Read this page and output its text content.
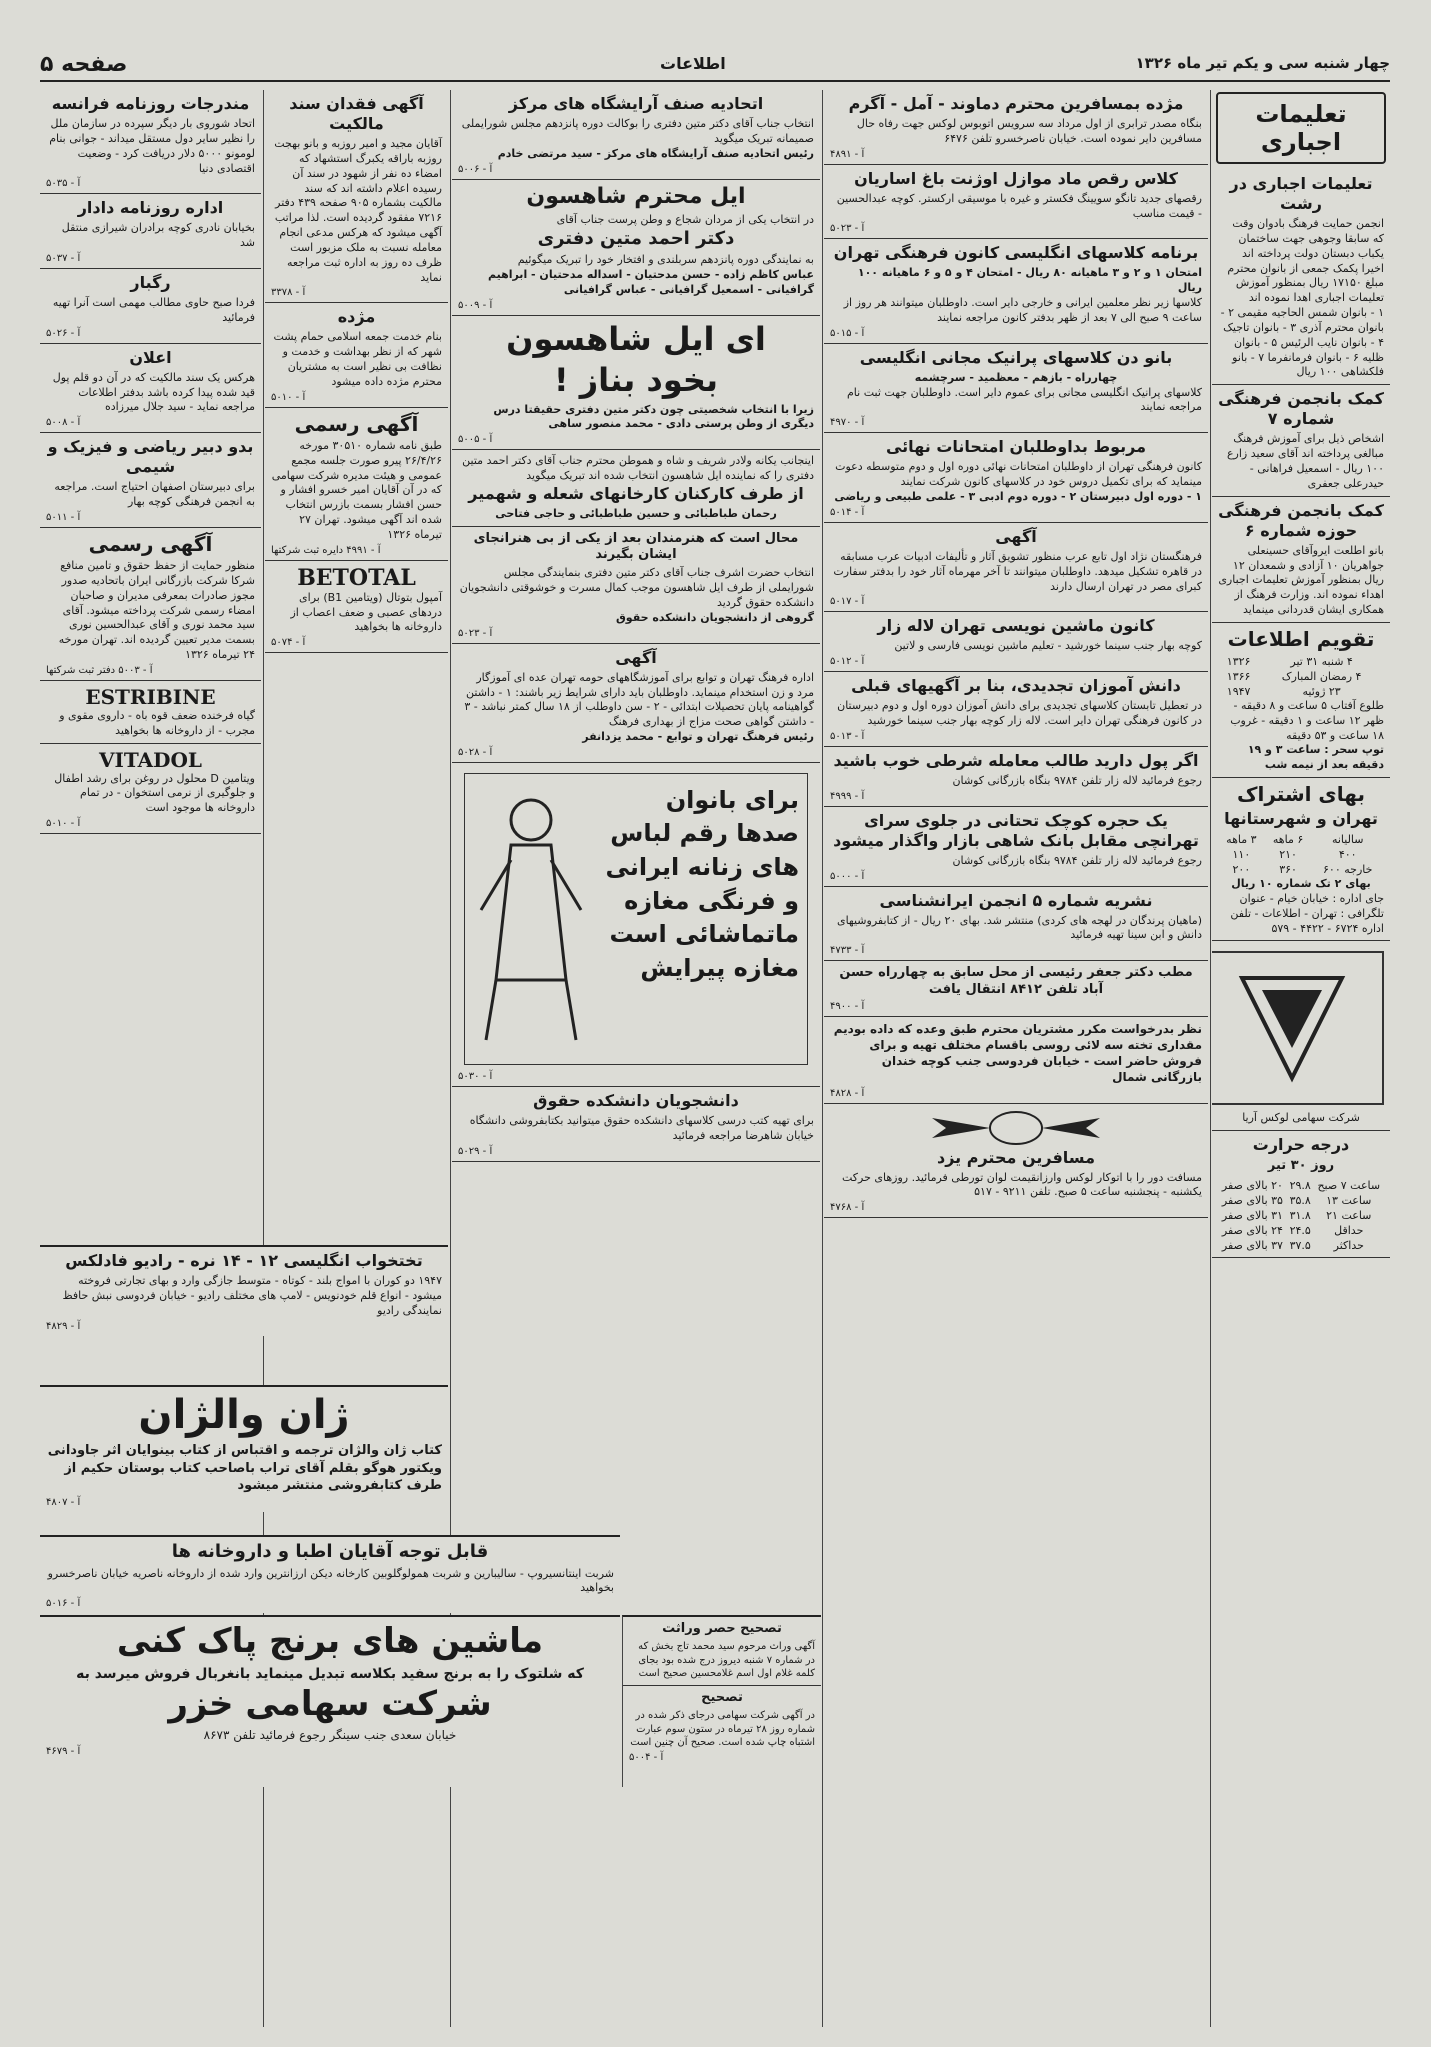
صفحه ۵	اطلاعات	چهار شنبه سی و یکم تیر ماه ۱۳۲۶
تعلیمات اجباری
تعلیمات اجباری در رشت

انجمن حمایت فرهنگ بادوان وقت که سابقا وجوهی جهت ساختمان یکباب دبستان دولت پرداخته اند اخیرا پکمک جمعی از بانوان محترم مبلغ ۱۷۱۵۰ ریال بمنظور آموزش تعلیمات اجباری اهدا نموده اند

۱ - بانوان شمس الحاجیه مقیمی ۲ - بانوان محترم آذری ۳ - بانوان تاجیک ۴ - بانوان نایب الرئیس ۵ - بانوان ظلیه ۶ - بانوان فرمانفرما ۷ - بانو فلکشاهی ۱۰۰ ریال

کمک بانجمن فرهنگی شماره ۷

اشخاص ذیل برای آموزش فرهنگ مبالغی پرداخته اند آقای سعید زارع ۱۰۰ ریال - اسمعیل فراهانی - حیدرعلی جعفری

کمک بانجمن فرهنگی حوزه شماره ۶

بانو اطلعت ایروآقای حسینعلی جواهریان ۱۰ آزادی و شمعدان ۱۲ ریال بمنظور آموزش تعلیمات اجباری اهداء نموده اند. وزارت فرهنگ از همکاری ایشان قدردانی مینماید

تقویم اطلاعات
۴ شنبه ۳۱ تیر	۱۳۲۶
۴ رمضان المبارک	۱۳۶۶
۲۳ ژوئیه	۱۹۴۷

طلوع آفتاب ۵ ساعت و ۸ دقیقه - ظهر ۱۲ ساعت و ۱ دقیقه - غروب ۱۸ ساعت و ۵۳ دقیقه

توپ سحر : ساعت ۳ و ۱۹ دقیقه بعد از نیمه شب

بهای اشتراک
تهران و شهرستانها
سالیانه	۶ ماهه	۳ ماهه
۴۰۰	۲۱۰	۱۱۰
خارجه ۶۰۰	۳۶۰	۲۰۰

بهای ۲ تک شماره ۱۰ ریال

جای اداره : خیابان خیام - عنوان تلگرافی : تهران - اطلاعات - تلفن اداره ۶۷۲۴ - ۴۴۲۲ - ۵۷۹

شرکت سهامی لوکس آریا

درجه حرارت
روز ۳۰ تیر
ساعت ۷ صبح	۲۹.۸	۲۰ بالای صفر
ساعت ۱۳	۳۵.۸	۳۵ بالای صفر
ساعت ۲۱	۳۱.۸	۳۱ بالای صفر
حداقل	۲۴.۵	۲۴ بالای صفر
حداکثر	۳۷.۵	۳۷ بالای صفر
مژده بمسافرین محترم دماوند - آمل - آگرم

بنگاه مصدر ترابری از اول مرداد سه سرویس اتوبوس لوکس جهت رفاه حال مسافرین دایر نموده است. خیابان ناصرخسرو تلفن ۶۴۷۶

آ - ۴۸۹۱
کلاس رقص ماد موازل اوژنت باغ اساریان

رقصهای جدید تانگو سویینگ فکستر و غیره با موسیقی ارکستر. کوچه عبدالحسین - قیمت مناسب

آ - ۵۰۲۳
برنامه کلاسهای انگلیسی کانون فرهنگی تهران

امتحان ۱ و ۲ و ۳ ماهیانه ۸۰ ریال - امتحان ۴ و ۵ و ۶ ماهیانه ۱۰۰ ریال

کلاسها زیر نظر معلمین ایرانی و خارجی دایر است. داوطلبان میتوانند هر روز از ساعت ۹ صبح الی ۷ بعد از ظهر بدفتر کانون مراجعه نمایند

آ - ۵۰۱۵
بانو دن کلاسهای پرانیک مجانی انگلیسی

چهارراه - بازهم - معظمید - سرچشمه

کلاسهای پرانیک انگلیسی مجانی برای عموم دایر است. داوطلبان جهت ثبت نام مراجعه نمایند

آ - ۴۹۷۰
مربوط بداوطلبان امتحانات نهائی

کانون فرهنگی تهران از داوطلبان امتحانات نهائی دوره اول و دوم متوسطه دعوت مینماید که برای تکمیل دروس خود در کلاسهای کانون شرکت نمایند

۱ - دوره اول دبیرستان ۲ - دوره دوم ادبی ۳ - علمی طبیعی و ریاضی

آ - ۵۰۱۴
آگهی

فرهنگستان نژاد اول تابع عرب منظور تشویق آثار و تألیفات ادبیات عرب مسابقه در قاهره تشکیل میدهد. داوطلبان میتوانند تا آخر مهرماه آثار خود را بدفتر سفارت کبرای مصر در تهران ارسال دارند

آ - ۵۰۱۷
کانون ماشین نویسی تهران لاله زار

کوچه بهار جنب سینما خورشید - تعلیم ماشین نویسی فارسی و لاتین

آ - ۵۰۱۲
دانش آموزان تجدیدی، بنا بر آگهیهای قبلی

در تعطیل تابستان کلاسهای تجدیدی برای دانش آموزان دوره اول و دوم دبیرستان در کانون فرهنگی تهران دایر است. لاله زار کوچه بهار جنب سینما خورشید

آ - ۵۰۱۳
اگر پول دارید طالب معامله شرطی خوب باشید

رجوع فرمائید لاله زار تلفن ۹۷۸۴ بنگاه بازرگانی کوشان

آ - ۴۹۹۹
یک حجره کوچک تحتانی در جلوی سرای تهرانچی مقابل بانک شاهی بازار واگذار میشود

رجوع فرمائید لاله زار تلفن ۹۷۸۴ بنگاه بازرگانی کوشان

آ - ۵۰۰۰
نشریه شماره ۵ انجمن ایرانشناسی

(ماهیان پرندگان در لهجه های کردی) منتشر شد. بهای ۲۰ ریال - از کتابفروشیهای دانش و ابن سینا تهیه فرمائید

آ - ۴۷۳۳
مطب دکتر جعفر رئیسی از محل سابق به چهارراه حسن آباد تلفن ۸۴۱۲ انتقال یافت
آ - ۴۹۰۰

نظر بدرخواست مکرر مشتریان محترم طبق وعده که داده بودیم مقداری تخته سه لائی روسی باقسام مختلف تهیه و برای فروش حاضر است - خیابان فردوسی جنب کوچه خندان بازرگانی شمال

آ - ۴۸۲۸
مسافرین محترم یزد

مسافت دور را با اتوکار لوکس وارزانقیمت لوان تورطی فرمائید. روزهای حرکت یکشنبه - پنجشنبه ساعت ۵ صبح. تلفن ۹۲۱۱ - ۵۱۷

آ - ۴۷۶۸
اتحادیه صنف آرایشگاه های مرکز

انتخاب جناب آقای دکتر متین دفتری را بوکالت دوره پانزدهم مجلس شورایملی صمیمانه تبریک میگوید

رئیس اتحادیه صنف آرایشگاه های مرکز - سید مرتضی خادم

آ - ۵۰۰۶
ایل محترم شاهسون

در انتخاب یکی از مردان شجاع و وطن پرست جناب آقای

دکتر احمد متین دفتری

به نمایندگی دوره پانزدهم سربلندی و افتخار خود را تبریک میگوئیم

عباس کاظم زاده - حسن مدحتیان - اسداله مدحتیان - ابراهیم گرافیانی - اسمعیل گرافیانی - عباس گرافیانی

آ - ۵۰۰۹
ای ایل شاهسون
بخود بناز !

زیرا با انتخاب شخصیتی چون دکتر متین دفتری حقیقتا درس دیگری از وطن پرستی دادی - محمد منصور ساهی

آ - ۵۰۰۵

اینجانب یکانه ولادر شریف و شاه و هموطن محترم جناب آقای دکتر احمد متین دفتری را که نماینده ایل شاهسون انتخاب شده اند تبریک میگوید

از طرف کارکنان کارخانهای شعله و شهمیر

رحمان طباطبائی و حسین طباطبائی و حاجی فتاحی

محال است که هنرمندان بعد از یکی از بی هنرانجای ایشان بگیرند

انتخاب حضرت اشرف جناب آقای دکتر متین دفتری بنمایندگی مجلس شورایملی از طرف ایل شاهسون موجب کمال مسرت و خوشوقتی دانشجویان دانشکده حقوق گردید

گروهی از دانشجویان دانشکده حقوق

آ - ۵۰۲۳
آگهی

اداره فرهنگ تهران و توابع برای آموزشگاههای حومه تهران عده ای آموزگار مرد و زن استخدام مینماید. داوطلبان باید دارای شرایط زیر باشند: ۱ - داشتن گواهینامه پایان تحصیلات ابتدائی - ۲ - سن داوطلب از ۱۸ سال کمتر نباشد - ۳ - داشتن گواهی صحت مزاج از بهداری فرهنگ

رئیس فرهنگ تهران و توابع - محمد یزدانفر

آ - ۵۰۲۸
برای بانوان
صدها رقم لباس
های زنانه ایرانی
و فرنگی مغازه
ماتماشائی است
مغازه پیرایش
آ - ۵۰۳۰
دانشجویان دانشکده حقوق

برای تهیه کتب درسی کلاسهای دانشکده حقوق میتوانید بکتابفروشی دانشگاه خیابان شاهرضا مراجعه فرمائید

آ - ۵۰۲۹
آگهی فقدان سند مالکیت

آقایان مجید و امیر روزبه و بانو بهجت روزبه باراقه یکبرگ استشهاد که امضاء ده نفر از شهود در سند آن رسیده اعلام داشته اند که سند مالکیت بشماره ۹۰۵ صفحه ۴۳۹ دفتر ۷۲۱۶ مفقود گردیده است. لذا مراتب آگهی میشود که هرکس مدعی انجام معامله نسبت به ملک مزبور است ظرف ده روز به اداره ثبت مراجعه نماید

آ - ۳۳۷۸
مژده

بنام خدمت جمعه اسلامی حمام پشت شهر که از نظر بهداشت و خدمت و نظافت بی نظیر است به مشتریان محترم مژده داده میشود

آ - ۵۰۱۰
آگهی رسمی

طبق نامه شماره ۳۰۵۱۰ مورخه ۲۶/۴/۲۶ پیرو صورت جلسه مجمع عمومی و هیئت مدیره شرکت سهامی که در آن آقایان امیر خسرو افشار و حسن افشار بسمت بازرس انتخاب شده اند آگهی میشود. تهران ۲۷ تیرماه ۱۳۲۶

آ - ۴۹۹۱ دایره ثبت شرکتها
BETOTAL

آمپول بتوتال (ویتامین B1) برای دردهای عصبی و ضعف اعصاب از داروخانه ها بخواهید

آ - ۵۰۷۴
مندرجات روزنامه فرانسه

اتحاد شوروی بار دیگر سپرده در سازمان ملل را نظیر سایر دول مستقل میداند - جوانی بنام لومونو ۵۰۰۰ دلار دریافت کرد - وضعیت اقتصادی دنیا

آ - ۵۰۳۵
اداره روزنامه دادار

بخیابان نادری کوچه برادران شیرازی منتقل شد

آ - ۵۰۳۷
رگبار

فردا صبح حاوی مطالب مهمی است آنرا تهیه فرمائید

آ - ۵۰۲۶
اعلان

هرکس یک سند مالکیت که در آن دو قلم پول قید شده پیدا کرده باشد بدفتر اطلاعات مراجعه نماید - سید جلال میرزاده

آ - ۵۰۰۸
بدو دبیر ریاضی و فیزیک و شیمی

برای دبیرستان اصفهان احتیاج است. مراجعه به انجمن فرهنگی کوچه بهار

آ - ۵۰۱۱
آگهی رسمی

منظور حمایت از حفظ حقوق و تامین منافع شرکا شرکت بازرگانی ایران باتحادیه صدور مجوز صادرات بمعرفی مدیران و صاحبان امضاء رسمی شرکت پرداخته میشود. آقای سید محمد نوری و آقای عبدالحسین نوری بسمت مدیر تعیین گردیده اند. تهران مورخه ۲۴ تیرماه ۱۳۲۶

آ - ۵۰۰۳ دفتر ثبت شرکتها
ESTRIBINE

گیاه فرخنده ضعف قوه باه - داروی مقوی و مجرب - از داروخانه ها بخواهید

VITADOL

ویتامین D محلول در روغن برای رشد اطفال و جلوگیری از نرمی استخوان - در تمام داروخانه ها موجود است

آ - ۵۰۱۰
تختخواب انگلیسی ۱۲ - ۱۴ نره - رادیو فادلکس

۱۹۴۷ دو کوران با امواج بلند - کوتاه - متوسط جازگی وارد و بهای تجارتی فروخته میشود - انواع قلم خودنویس - لامپ های مختلف رادیو - خیابان فردوسی نبش حافظ نمایندگی رادیو

آ - ۴۸۲۹
ژان والژان

کتاب ژان والژان ترجمه و اقتباس از کتاب بینوایان اثر جاودانی ویکتور هوگو بقلم آقای تراب باصاحب کتاب بوستان حکیم از طرف کتابفروشی منتشر میشود

آ - ۴۸۰۷
قابل توجه آقایان اطبا و داروخانه ها

شربت اینتانسیروپ - سالیبارین و شربت همولوگلوبین کارخانه دیکن ارزانترین وارد شده از داروخانه ناصریه خیابان ناصرخسرو بخواهید

آ - ۵۰۱۶
ماشین های برنج پاک کنی

که شلتوک را به برنج سفید بکلاسه تبدیل مینماید بانغربال فروش میرسد به

شرکت سهامی خزر

خیابان سعدی جنب سینگر رجوع فرمائید تلفن ۸۶۷۳

آ - ۴۶۷۹
تصحیح حصر وراثت

آگهی وراث مرحوم سید محمد تاج بخش که در شماره ۷ شنبه دیروز درج شده بود بجای کلمه غلام اول اسم غلامحسین صحیح است

تصحیح

در آگهی شرکت سهامی درجای ذکر شده در شماره روز ۲۸ تیرماه در ستون سوم عبارت اشتباه چاپ شده است. صحیح آن چنین است

آ - ۵۰۰۴
